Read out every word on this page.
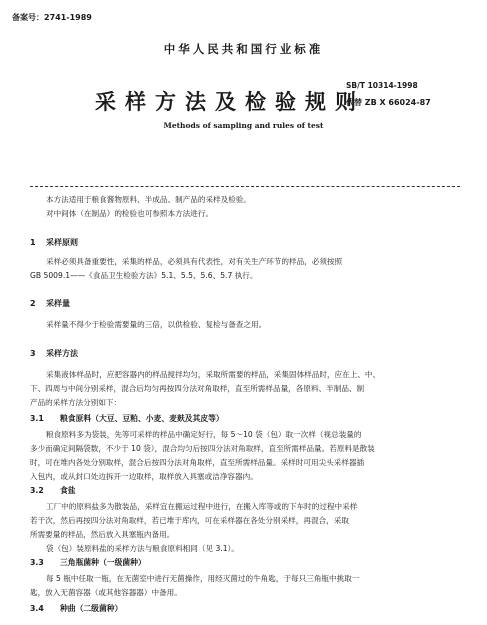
备案号：2741-1989
中华人民共和国行业标准
采样方法及检验规则
SB/T 10314-1998
代替 ZB X 66024-87
Methods of sampling and rules of test
本方法适用于粮食酱物原料、半成品、制产品的采样及检验。
对中间体（在制品）的检验也可参照本方法进行。
1 采样原则
采样必须具备重要性，采集的样品，必须具有代表性，对有关生产环节的样品，必须按照
GB 5009.1——《食品卫生检验方法》5.1、5.5、5.6、5.7 执行。
2 采样量
采样量不得少于检验需要量的三倍，以供检验、复检与备查之用。
3 采样方法
采集液体样品时，应把容器内的样品搅拌均匀，采取所需要的样品，采集固体样品时，应在上、中、
下、四周与中间分别采样，混合后均匀再按四分法对角取样，直至所需样品量，各原料、半制品、制
产品的采样方法分别如下：
3.1 粮食原料（大豆、豆粕、小麦、麦麸及其皮等）
粮食原料多为袋装，先等可采样的样品中确定好行，每 5～10 袋（包）取一次样（视总装量的
多少而确定间隔袋数，不少于 10 袋），混合均匀后按四分法对角取样，直至所需样品量。若原料是散装
时，可在堆内各处分别取样，混合后按四分法对角取样，直至所需样品量。采样时可用尖头采样器插
入包内，或从封口处边拆开一边取样，取样放入具塞或洁净容器内。
3.2 食盐
工厂中的原料盐多为散装品，采样宜在搬运过程中进行，在搬入库等或的下车时的过程中采样
若干次，然后再按四分法对角取样，若已堆于库内，可在采样器在各处分别采样，再混合，采取
所需要量的样品，然后放入具塞瓶内备用。
袋（包）装原料盐的采样方法与粮食原料相同（见 3.1）。
3.3 三角瓶菌种（一级菌种）
每 5 瓶中任取一瓶，在无菌室中进行无菌操作，用经灭菌过的牛角匙，于每只三角瓶中挑取一
匙，放入无菌容器（或其他容器器）中备用。
3.4 种曲（二级菌种）
